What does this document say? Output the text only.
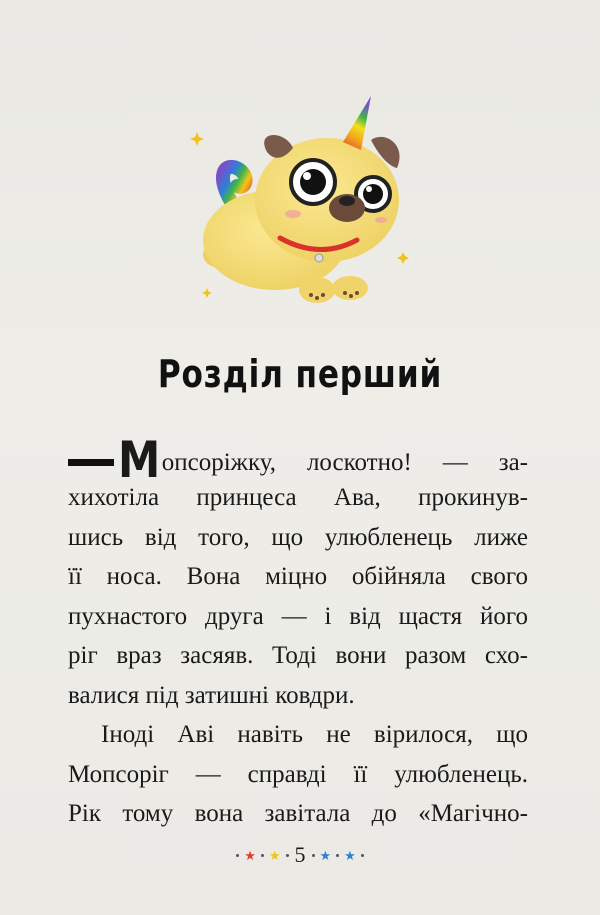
Розділ перший
М опсоріжку, лоскотно! — за-
хихотіла принцеса Ава, прокинув-
шись від того, що улюбленець лиже
її носа. Вона міцно обійняла свого
пухнастого друга — і від щастя його
ріг враз засяяв. Тоді вони разом схо-
валися під затишні ковдри.
Іноді Аві навіть не вірилося, що
Мопсоріг — справді її улюбленець.
Рік тому вона завітала до «Магічно-
★ ★ 5 ★ ★
